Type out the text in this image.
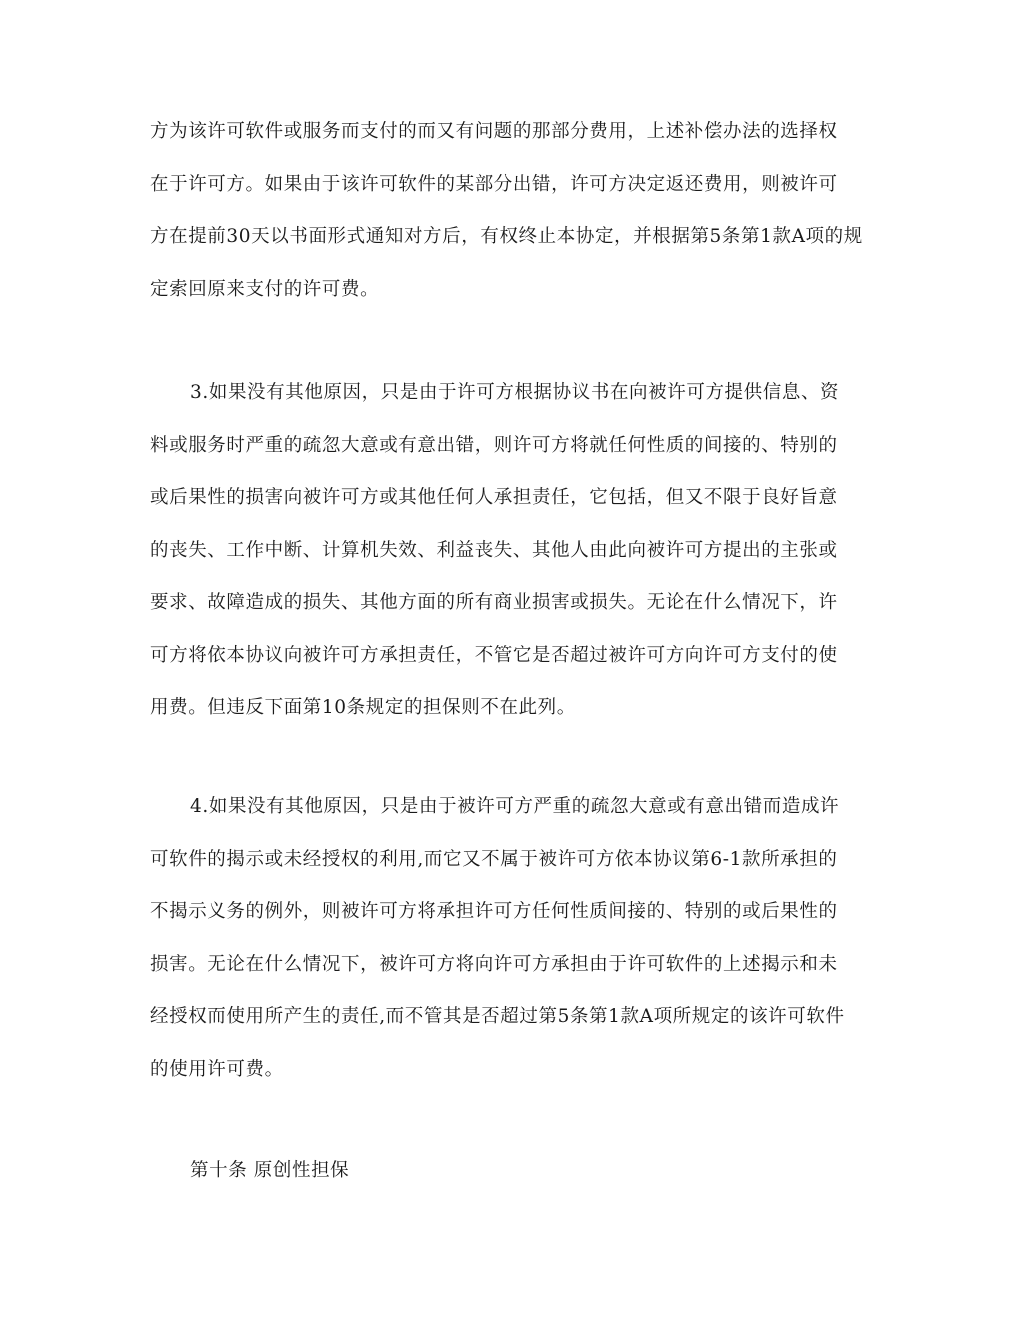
方为该许可软件或服务而支付的而又有问题的那部分费用，上述补偿办法的选择权
在于许可方。如果由于该许可软件的某部分出错，许可方决定返还费用，则被许可
方在提前30天以书面形式通知对方后，有权终止本协定，并根据第5条第1款A项的规
定索回原来支付的许可费。
3.如果没有其他原因，只是由于许可方根据协议书在向被许可方提供信息、资
料或服务时严重的疏忽大意或有意出错，则许可方将就任何性质的间接的、特别的
或后果性的损害向被许可方或其他任何人承担责任，它包括，但又不限于良好旨意
的丧失、工作中断、计算机失效、利益丧失、其他人由此向被许可方提出的主张或
要求、故障造成的损失、其他方面的所有商业损害或损失。无论在什么情况下，许
可方将依本协议向被许可方承担责任，不管它是否超过被许可方向许可方支付的使
用费。但违反下面第10条规定的担保则不在此列。
4.如果没有其他原因，只是由于被许可方严重的疏忽大意或有意出错而造成许
可软件的揭示或未经授权的利用,而它又不属于被许可方依本协议第6-1款所承担的
不揭示义务的例外，则被许可方将承担许可方任何性质间接的、特别的或后果性的
损害。无论在什么情况下，被许可方将向许可方承担由于许可软件的上述揭示和未
经授权而使用所产生的责任,而不管其是否超过第5条第1款A项所规定的该许可软件
的使用许可费。
第十条 原创性担保
